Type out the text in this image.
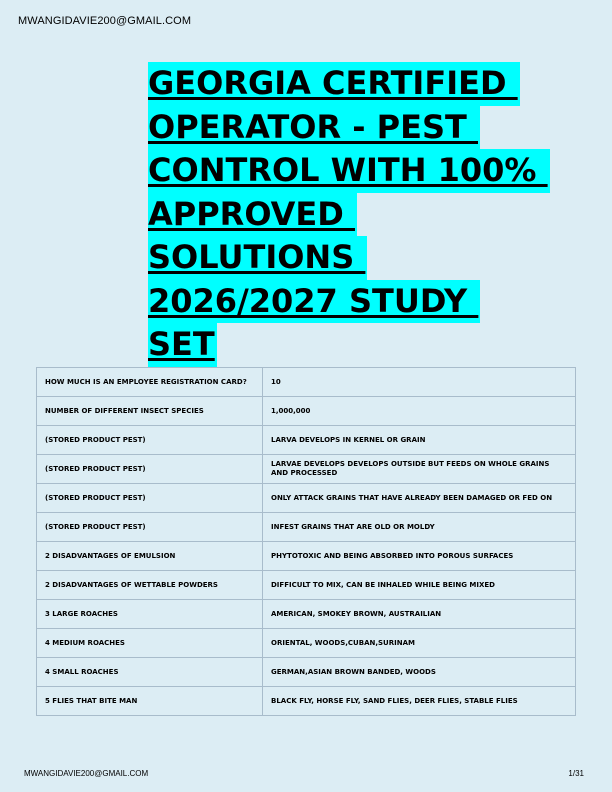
MWANGIDAVIE200@GMAIL.COM
GEORGIA CERTIFIED
OPERATOR - PEST
CONTROL WITH 100%
APPROVED
SOLUTIONS
2026/2027 STUDY
SET
HOW MUCH IS AN EMPLOYEE REGISTRATION CARD?	10
NUMBER OF DIFFERENT INSECT SPECIES	1,000,000
(STORED PRODUCT PEST)	LARVA DEVELOPS IN KERNEL OR GRAIN
(STORED PRODUCT PEST)	LARVAE DEVELOPS DEVELOPS OUTSIDE BUT FEEDS ON WHOLE GRAINS AND PROCESSED
(STORED PRODUCT PEST)	ONLY ATTACK GRAINS THAT HAVE ALREADY BEEN DAMAGED OR FED ON
(STORED PRODUCT PEST)	INFEST GRAINS THAT ARE OLD OR MOLDY
2 DISADVANTAGES OF EMULSION	PHYTOTOXIC AND BEING ABSORBED INTO POROUS SURFACES
2 DISADVANTAGES OF WETTABLE POWDERS	DIFFICULT TO MIX, CAN BE INHALED WHILE BEING MIXED
3 LARGE ROACHES	AMERICAN, SMOKEY BROWN, AUSTRAILIAN
4 MEDIUM ROACHES	ORIENTAL, WOODS,CUBAN,SURINAM
4 SMALL ROACHES	GERMAN,ASIAN BROWN BANDED, WOODS
5 FLIES THAT BITE MAN	BLACK FLY, HORSE FLY, SAND FLIES, DEER FLIES, STABLE FLIES
MWANGIDAVIE200@GMAIL.COM	1/31
